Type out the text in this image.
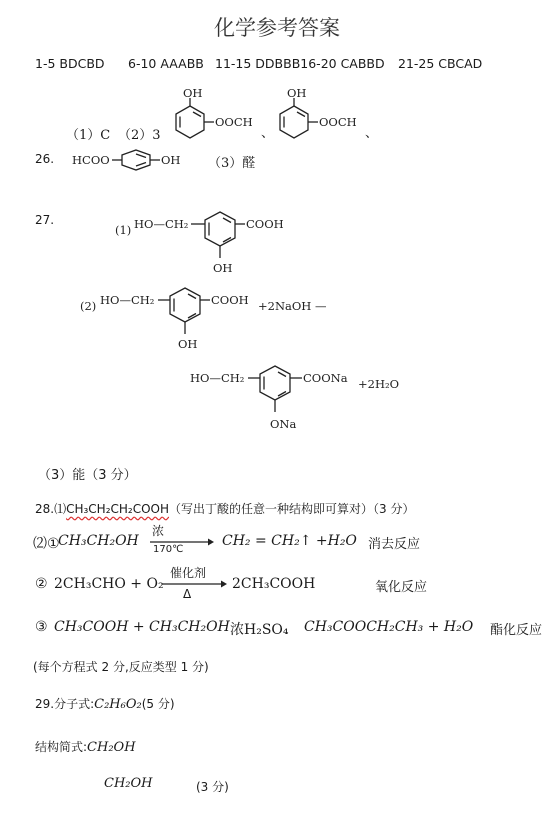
化学参考答案
1-5 BDCBD 6-10 AAABB 11-15 DDBBB16-20 CABBD 21-25 CBCAD
（1）C （2）3
OH
OOCH
、
OH
OOCH
、
26. HCOO	OH （3）醛
27.
(1) HO—CH₂	COOH
OH
(2) HO—CH₂	COOH
OH
+2NaOH —
HO—CH₂	COONa +2H₂O
ONa
（3）能（3 分）
28.⑴CH₃CH₂CH₂COOH（写出丁酸的任意一种结构即可算对）（3 分）
⑵①
CH₃CH₂OH
浓
170℃
CH₂ = CH₂↑ +H₂O 消去反应
② 2CH₃CHO + O₂
催化剂
Δ
2CH₃COOH	氧化反应
③ CH₃COOH + CH₃CH₂OH 浓H₂SO₄ CH₃COOCH₂CH₃ + H₂O 酯化反应
(每个方程式 2 分,反应类型 1 分)
29.分子式:C₂H₆O₂(5 分)
结构简式:CH₂OH
CH₂OH	(3 分)
